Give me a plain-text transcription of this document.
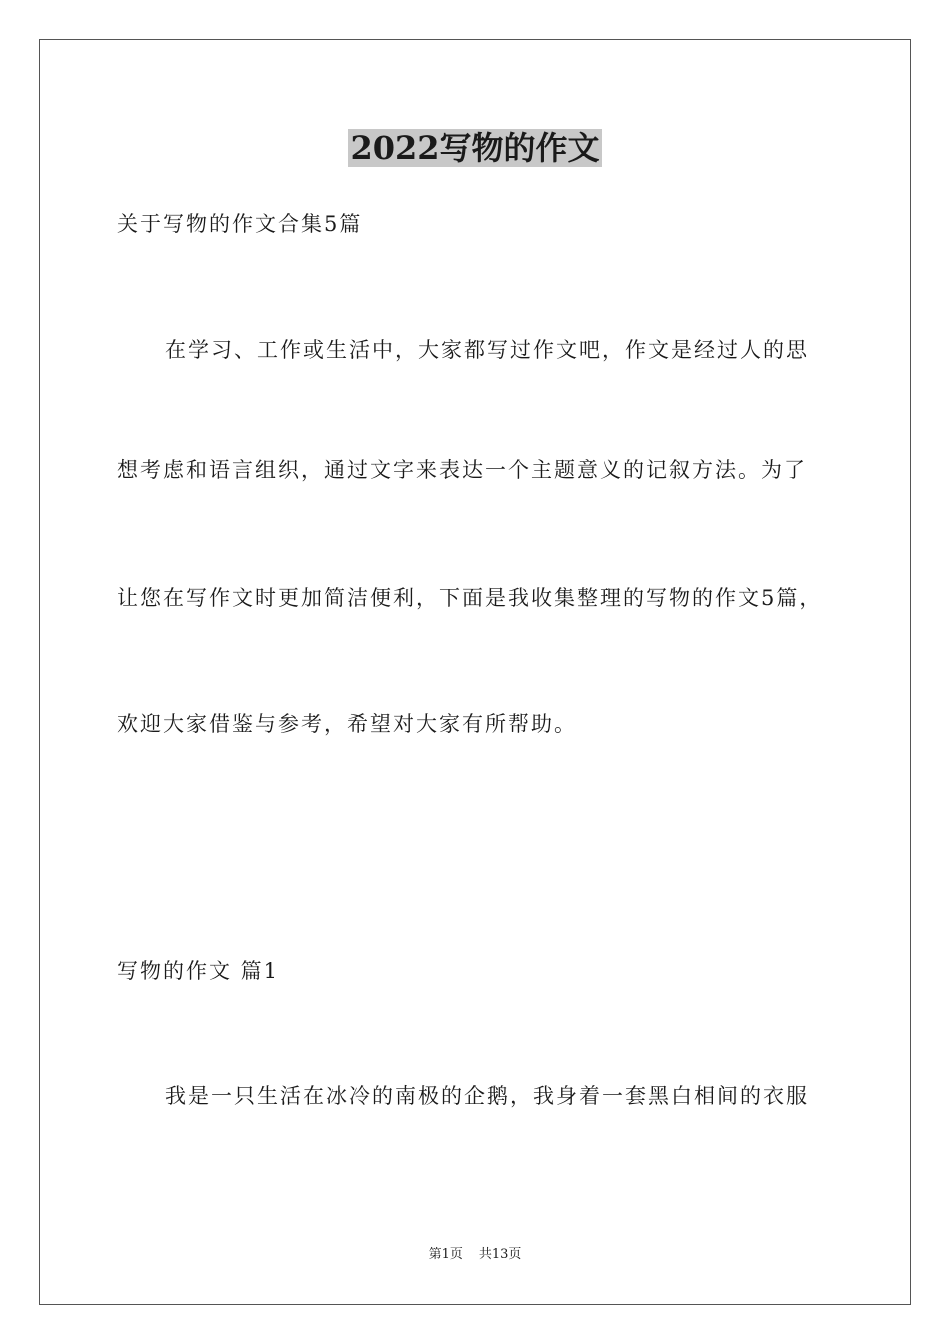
2022写物的作文
关于写物的作文合集5篇
在学习、工作或生活中，大家都写过作文吧，作文是经过人的思
想考虑和语言组织，通过文字来表达一个主题意义的记叙方法。为了
让您在写作文时更加简洁便利，下面是我收集整理的写物的作文5篇，
欢迎大家借鉴与参考，希望对大家有所帮助。
写物的作文 篇1
我是一只生活在冰冷的南极的企鹅，我身着一套黑白相间的衣服
第1页 共13页
